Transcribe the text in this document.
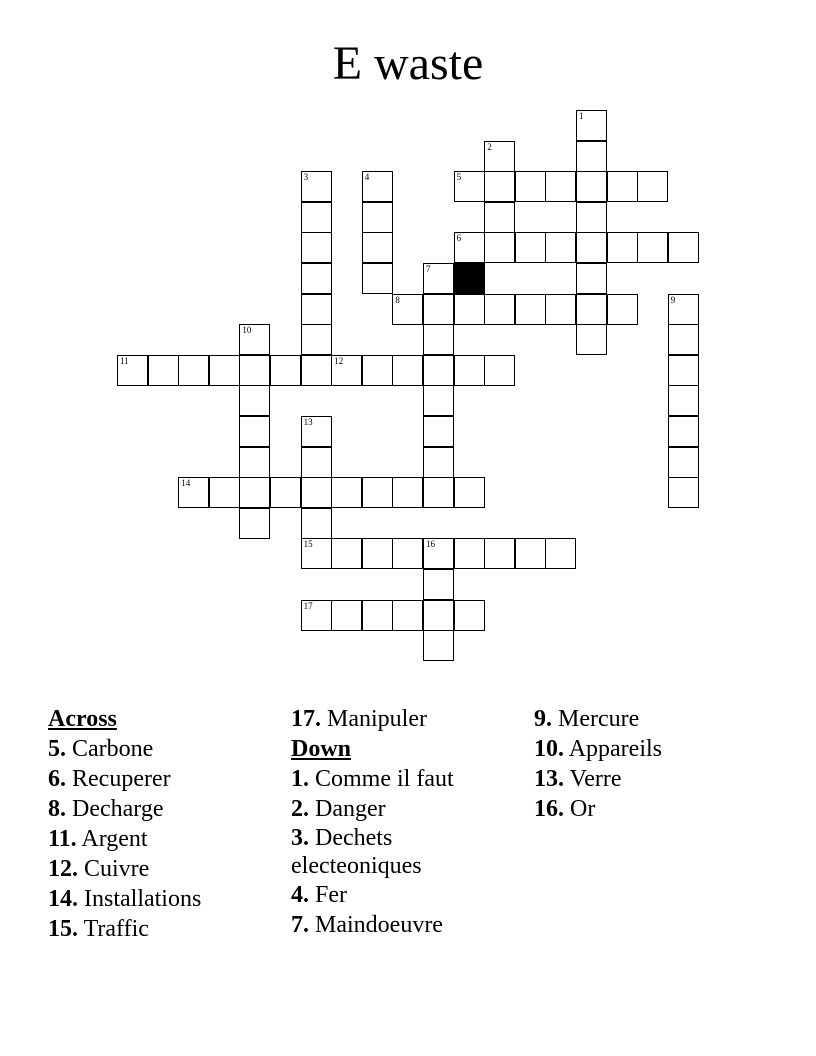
E waste
5
6
8
11	12
14
15	16
17
1
2
3	4
7
9
10
13
Across
5. Carbone
6. Recuperer
8. Decharge
11. Argent
12. Cuivre
14. Installations
15. Traffic
17. Manipuler
Down
1. Comme il faut
2. Danger
3. Dechets electeoniques
4. Fer
7. Maindoeuvre
9. Mercure
10. Appareils
13. Verre
16. Or
